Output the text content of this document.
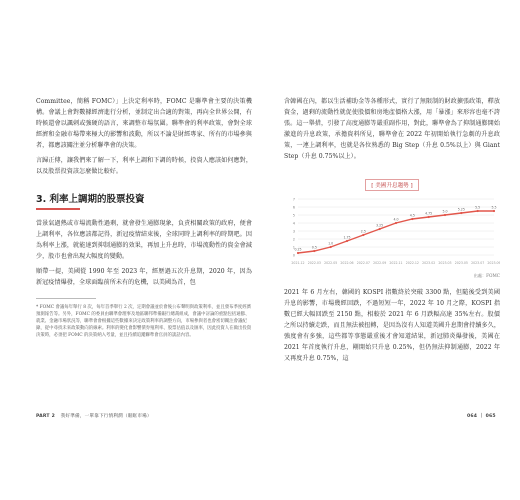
Committee，簡稱 FOMC）」上決定利率時，FOMC 是聯準會主要的決策機構。會議上會對數據經濟進行分析，並制定出合適的對策，再向全世界公開，有時候還會以諷刺或強硬的語言，來調整市場氛圍。聯準會的利率政策，會對全球經濟和金融市場帶來極大的影響和波動，所以不論是財經專家、所有的市場參與者，都應該關注並分析聯準會的決策。

言歸正傳，讓我們來了解一下，利率上調和下調的時候，投資人應該如何應對，以及股票投資該怎麼做比較好。

3. 利率上調期的股票投資

當景氣過熱或市場流動性過剩，就會發生通膨現象，負責相關政策的政府，便會上調利率，各位應該都記得，新冠疫情結束後，全球同時上調利率的時期吧。因為利率上漲，就能達到抑制通膨的效果，再加上升息時，市場流動性的資金會減少，股市也會出現大幅度的變動。

順帶一提，美國從 1990 年至 2023 年，經歷過五次升息期，2020 年，因為新冠疫情爆發，全球面臨前所未有的危機，以美國為首，包

* FOMC 會議每年舉行 8 次，每年首季舉行 2 次，定期會議並於會後公布聲明與政策利率，並且發布季度經濟預測報告等。另外，FOMC 的委員由聯準會理事及地區聯邦準備銀行總裁組成，會議中討論的重點包括通膨、就業、金融市場狀況等，聯準會會根據這些數據來決定政策利率的調整方向，市場參與者也會密切關注會議紀錄，從中尋找未來政策動向的線索。利率的變化會影響債券殖利率、股票估值以及匯率，因此投資人在做出投資決策時，必須把 FOMC 的決策納入考量，並且持續追蹤聯準會官員的談話內容。

含韓國在內，都以生活補助金等各種形式，實行了無限制的財政擴張政策，釋放資金，過剩的流動性就促使股價和房地產價格大漲，用「暴漲」來形容也毫不誇張。這一舉措，引發了高度通膨等嚴重副作用，對此，聯準會為了抑制通膨開始激進的升息政策，承擔資料所見，聯準會在 2022 年初開始執行急劇的升息政策，一連上調利率，也就是各位熟悉的 Big Step（升息 0.5%以上）與 Giant Step（升息 0.75%以上）。

[ 美國升息趨勢 ]
0
1
2
3
4
5
6
7
2021.12 2022.03 2022.05 2022.06 2022.07 2022.09 2022.11 2022.12 2023.02 2023.03 2023.05 2023.07 2023.09
0.25	0.5
1.0
1.75
2.5
3.25
4.0
4.5	4.75	5.0	5.25	5.5	5.5
出處：FOMC

2021 年 6 月左右，韓國的 KOSPI 指數終於突破 3300 點，但隨後受到美國升息的影響，市場幾經回跌，不過短短一年，2022 年 10 月之際，KOSPI 指數已經大幅回跌至 2150 點，相較於 2021 年 6 月跌幅高達 35%左右。股價之所以持續走跌，而且無法被扭轉，是因為沒有人知道美國升息期會持續多久，強度會有多強，這些都等事態嚴重後才會知道結果，新冠肺炎爆發後，美國在 2021 年首度執行升息，剛開始只升息 0.25%，但仍無法抑制通膨，2022 年又再度升息 0.75%，這

PART 2 我好準備，一單靠下行情利潤（眼眶市場）	064 ｜ 065
